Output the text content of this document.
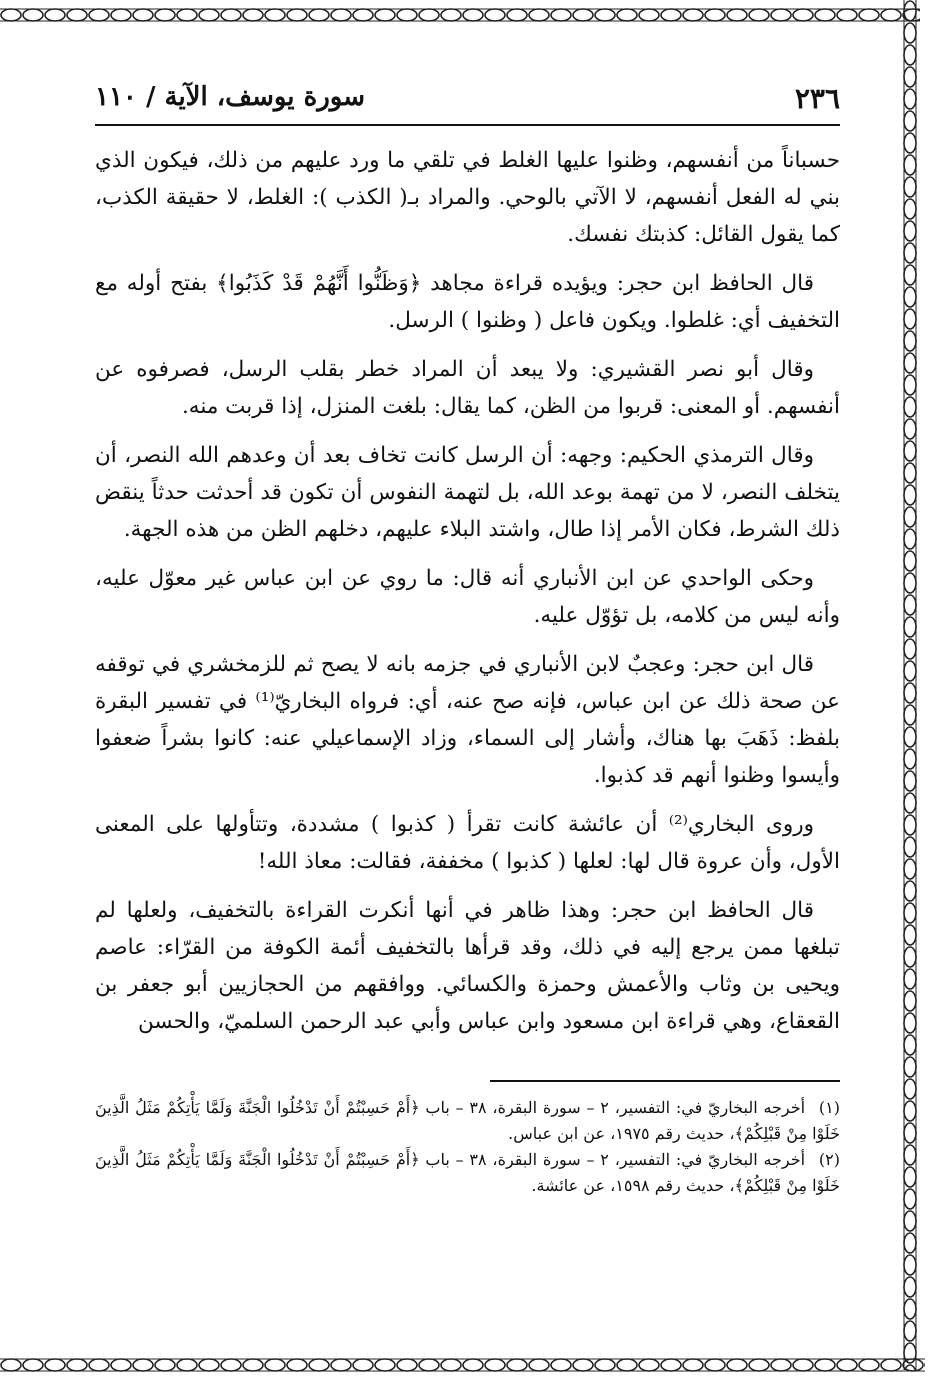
٢٣٦
سورة يوسف، الآية / ١١٠

حسباناً من أنفسهم، وظنوا عليها الغلط في تلقي ما ورد عليهم من ذلك، فيكون الذي بني له الفعل أنفسهم، لا الآتي بالوحي. والمراد بـ( الكذب ): الغلط، لا حقيقة الكذب، كما يقول القائل: كذبتك نفسك.

قال الحافظ ابن حجر: ويؤيده قراءة مجاهد ﴿وَظَنُّوا أَنَّهُمْ قَدْ كَذَبُوا﴾ بفتح أوله مع التخفيف أي: غلطوا. ويكون فاعل ( وظنوا ) الرسل.

وقال أبو نصر القشيري: ولا يبعد أن المراد خطر بقلب الرسل، فصرفوه عن أنفسهم. أو المعنى: قربوا من الظن، كما يقال: بلغت المنزل، إذا قربت منه.

وقال الترمذي الحكيم: وجهه: أن الرسل كانت تخاف بعد أن وعدهم الله النصر، أن يتخلف النصر، لا من تهمة بوعد الله، بل لتهمة النفوس أن تكون قد أحدثت حدثاً ينقض ذلك الشرط، فكان الأمر إذا طال، واشتد البلاء عليهم، دخلهم الظن من هذه الجهة.

وحكى الواحدي عن ابن الأنباري أنه قال: ما روي عن ابن عباس غير معوّل عليه، وأنه ليس من كلامه، بل تؤوّل عليه.

قال ابن حجر: وعجبٌ لابن الأنباري في جزمه بانه لا يصح ثم للزمخشري في توقفه عن صحة ذلك عن ابن عباس، فإنه صح عنه، أي: فرواه البخاريّ⁽¹⁾ في تفسير البقرة بلفظ: ذَهَبَ بها هناك، وأشار إلى السماء، وزاد الإسماعيلي عنه: كانوا بشراً ضعفوا وأيسوا وظنوا أنهم قد كذبوا.

وروى البخاري⁽²⁾ أن عائشة كانت تقرأ ( كذبوا ) مشددة، وتتأولها على المعنى الأول، وأن عروة قال لها: لعلها ( كذبوا ) مخففة، فقالت: معاذ الله!

قال الحافظ ابن حجر: وهذا ظاهر في أنها أنكرت القراءة بالتخفيف، ولعلها لم تبلغها ممن يرجع إليه في ذلك، وقد قرأها بالتخفيف أئمة الكوفة من القرّاء: عاصم ويحيى بن وثاب والأعمش وحمزة والكسائي. ووافقهم من الحجازيين أبو جعفر بن القعقاع، وهي قراءة ابن مسعود وابن عباس وأبي عبد الرحمن السلميّ، والحسن

(١) أخرجه البخاريّ في: التفسير، ٢ – سورة البقرة، ٣٨ – باب ﴿أَمْ حَسِبْتُمْ أَنْ تَدْخُلُوا الْجَنَّةَ وَلَمَّا يَأْتِكُمْ مَثَلُ الَّذِينَ خَلَوْا مِنْ قَبْلِكُمْ﴾، حديث رقم ١٩٧٥، عن ابن عباس.

(٢) أخرجه البخاريّ في: التفسير، ٢ – سورة البقرة، ٣٨ – باب ﴿أَمْ حَسِبْتُمْ أَنْ تَدْخُلُوا الْجَنَّةَ وَلَمَّا يَأْتِكُمْ مَثَلُ الَّذِينَ خَلَوْا مِنْ قَبْلِكُمْ﴾، حديث رقم ١٥٩٨، عن عائشة.
